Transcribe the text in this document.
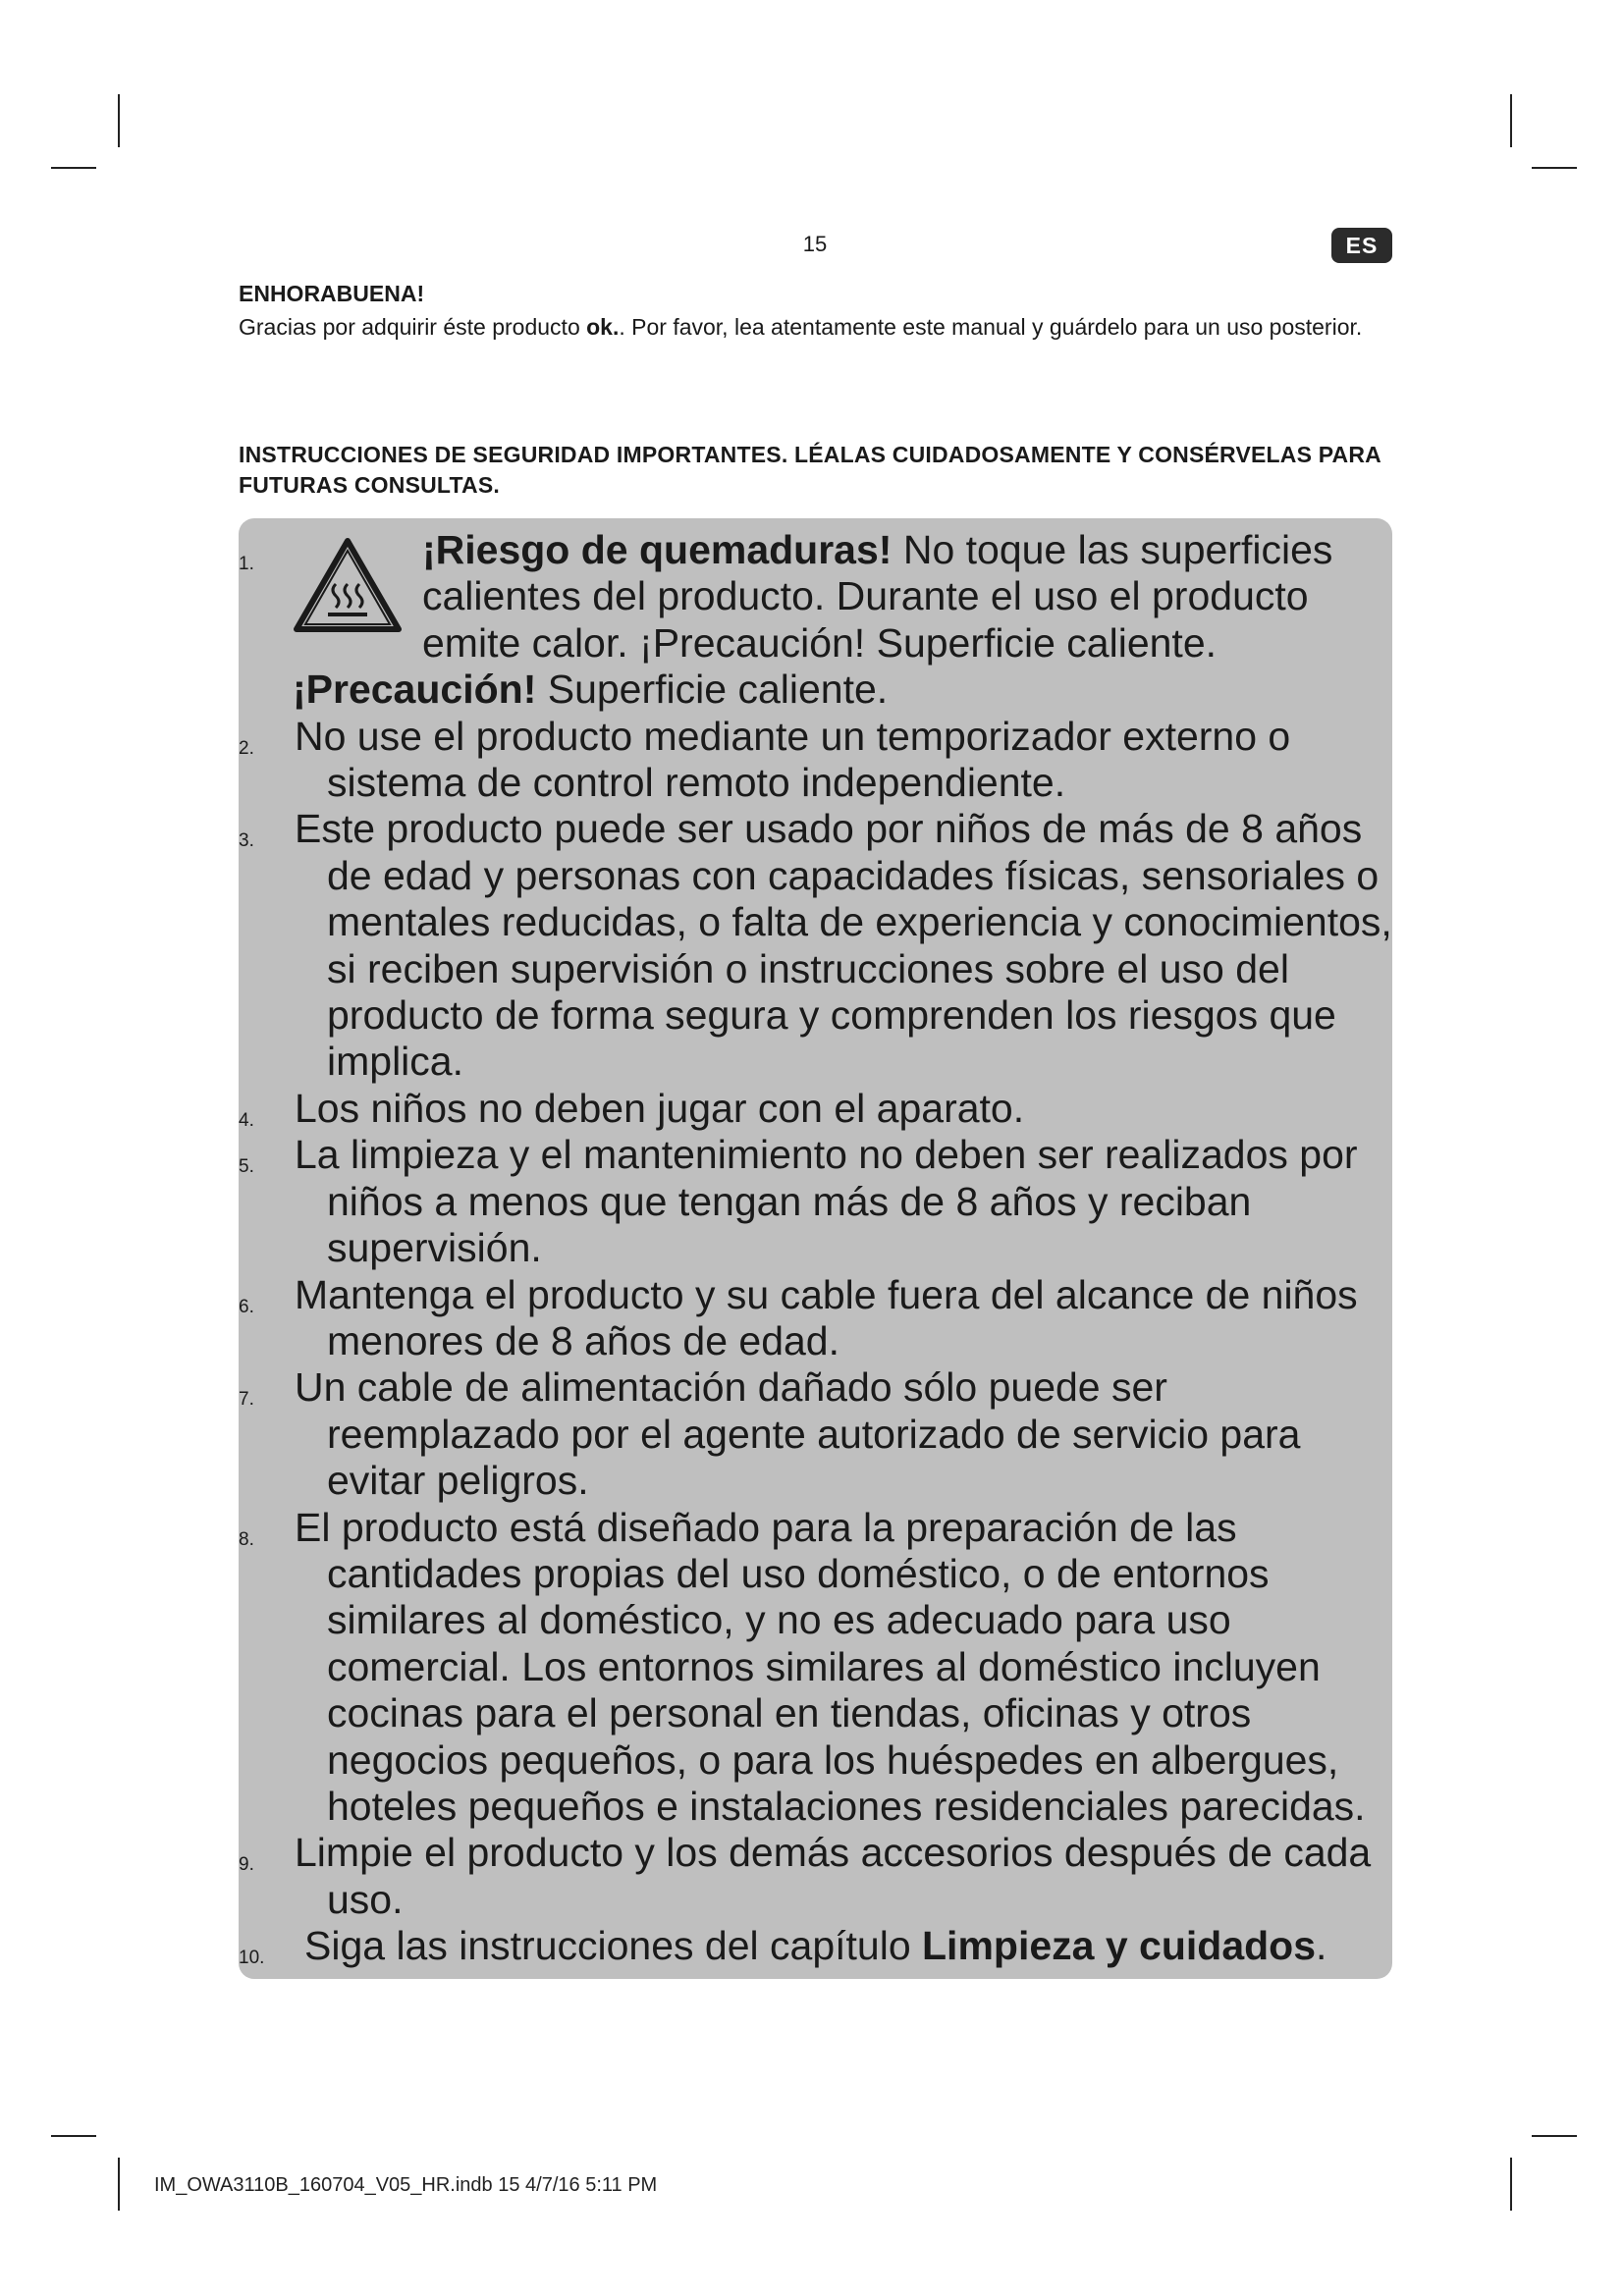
15	ES
ENHORABUENA!
Gracias por adquirir éste producto ok.. Por favor, lea atentamente este manual y guárdelo para un uso posterior.
INSTRUCCIONES DE SEGURIDAD IMPORTANTES. LÉALAS CUIDADOSAMENTE Y CONSÉRVELAS PARA FUTURAS CONSULTAS.
1.	¡Riesgo de quemaduras! No toque las superficies calientes del producto. Durante el uso el producto emite calor. ¡Precaución! Superficie caliente.
¡Precaución! Superficie caliente.
2. No use el producto mediante un temporizador externo o sistema de control remoto independiente.
3. Este producto puede ser usado por niños de más de 8 años de edad y personas con capacidades físicas, sensoriales o mentales reducidas, o falta de experiencia y conocimientos, si reciben supervisión o instrucciones sobre el uso del producto de forma segura y comprenden los riesgos que implica.
4. Los niños no deben jugar con el aparato.
5. La limpieza y el mantenimiento no deben ser realizados por niños a menos que tengan más de 8 años y reciban supervisión.
6. Mantenga el producto y su cable fuera del alcance de niños menores de 8 años de edad.
7. Un cable de alimentación dañado sólo puede ser reemplazado por el agente autorizado de servicio para evitar peligros.
8. El producto está diseñado para la preparación de las cantidades propias del uso doméstico, o de entornos similares al doméstico, y no es adecuado para uso comercial. Los entornos similares al doméstico incluyen cocinas para el personal en tiendas, oficinas y otros negocios pequeños, o para los huéspedes en albergues, hoteles pequeños e instalaciones residenciales parecidas.
9. Limpie el producto y los demás accesorios después de cada uso.
10. Siga las instrucciones del capítulo Limpieza y cuidados.
IM_OWA3110B_160704_V05_HR.indb 15 4/7/16 5:11 PM
